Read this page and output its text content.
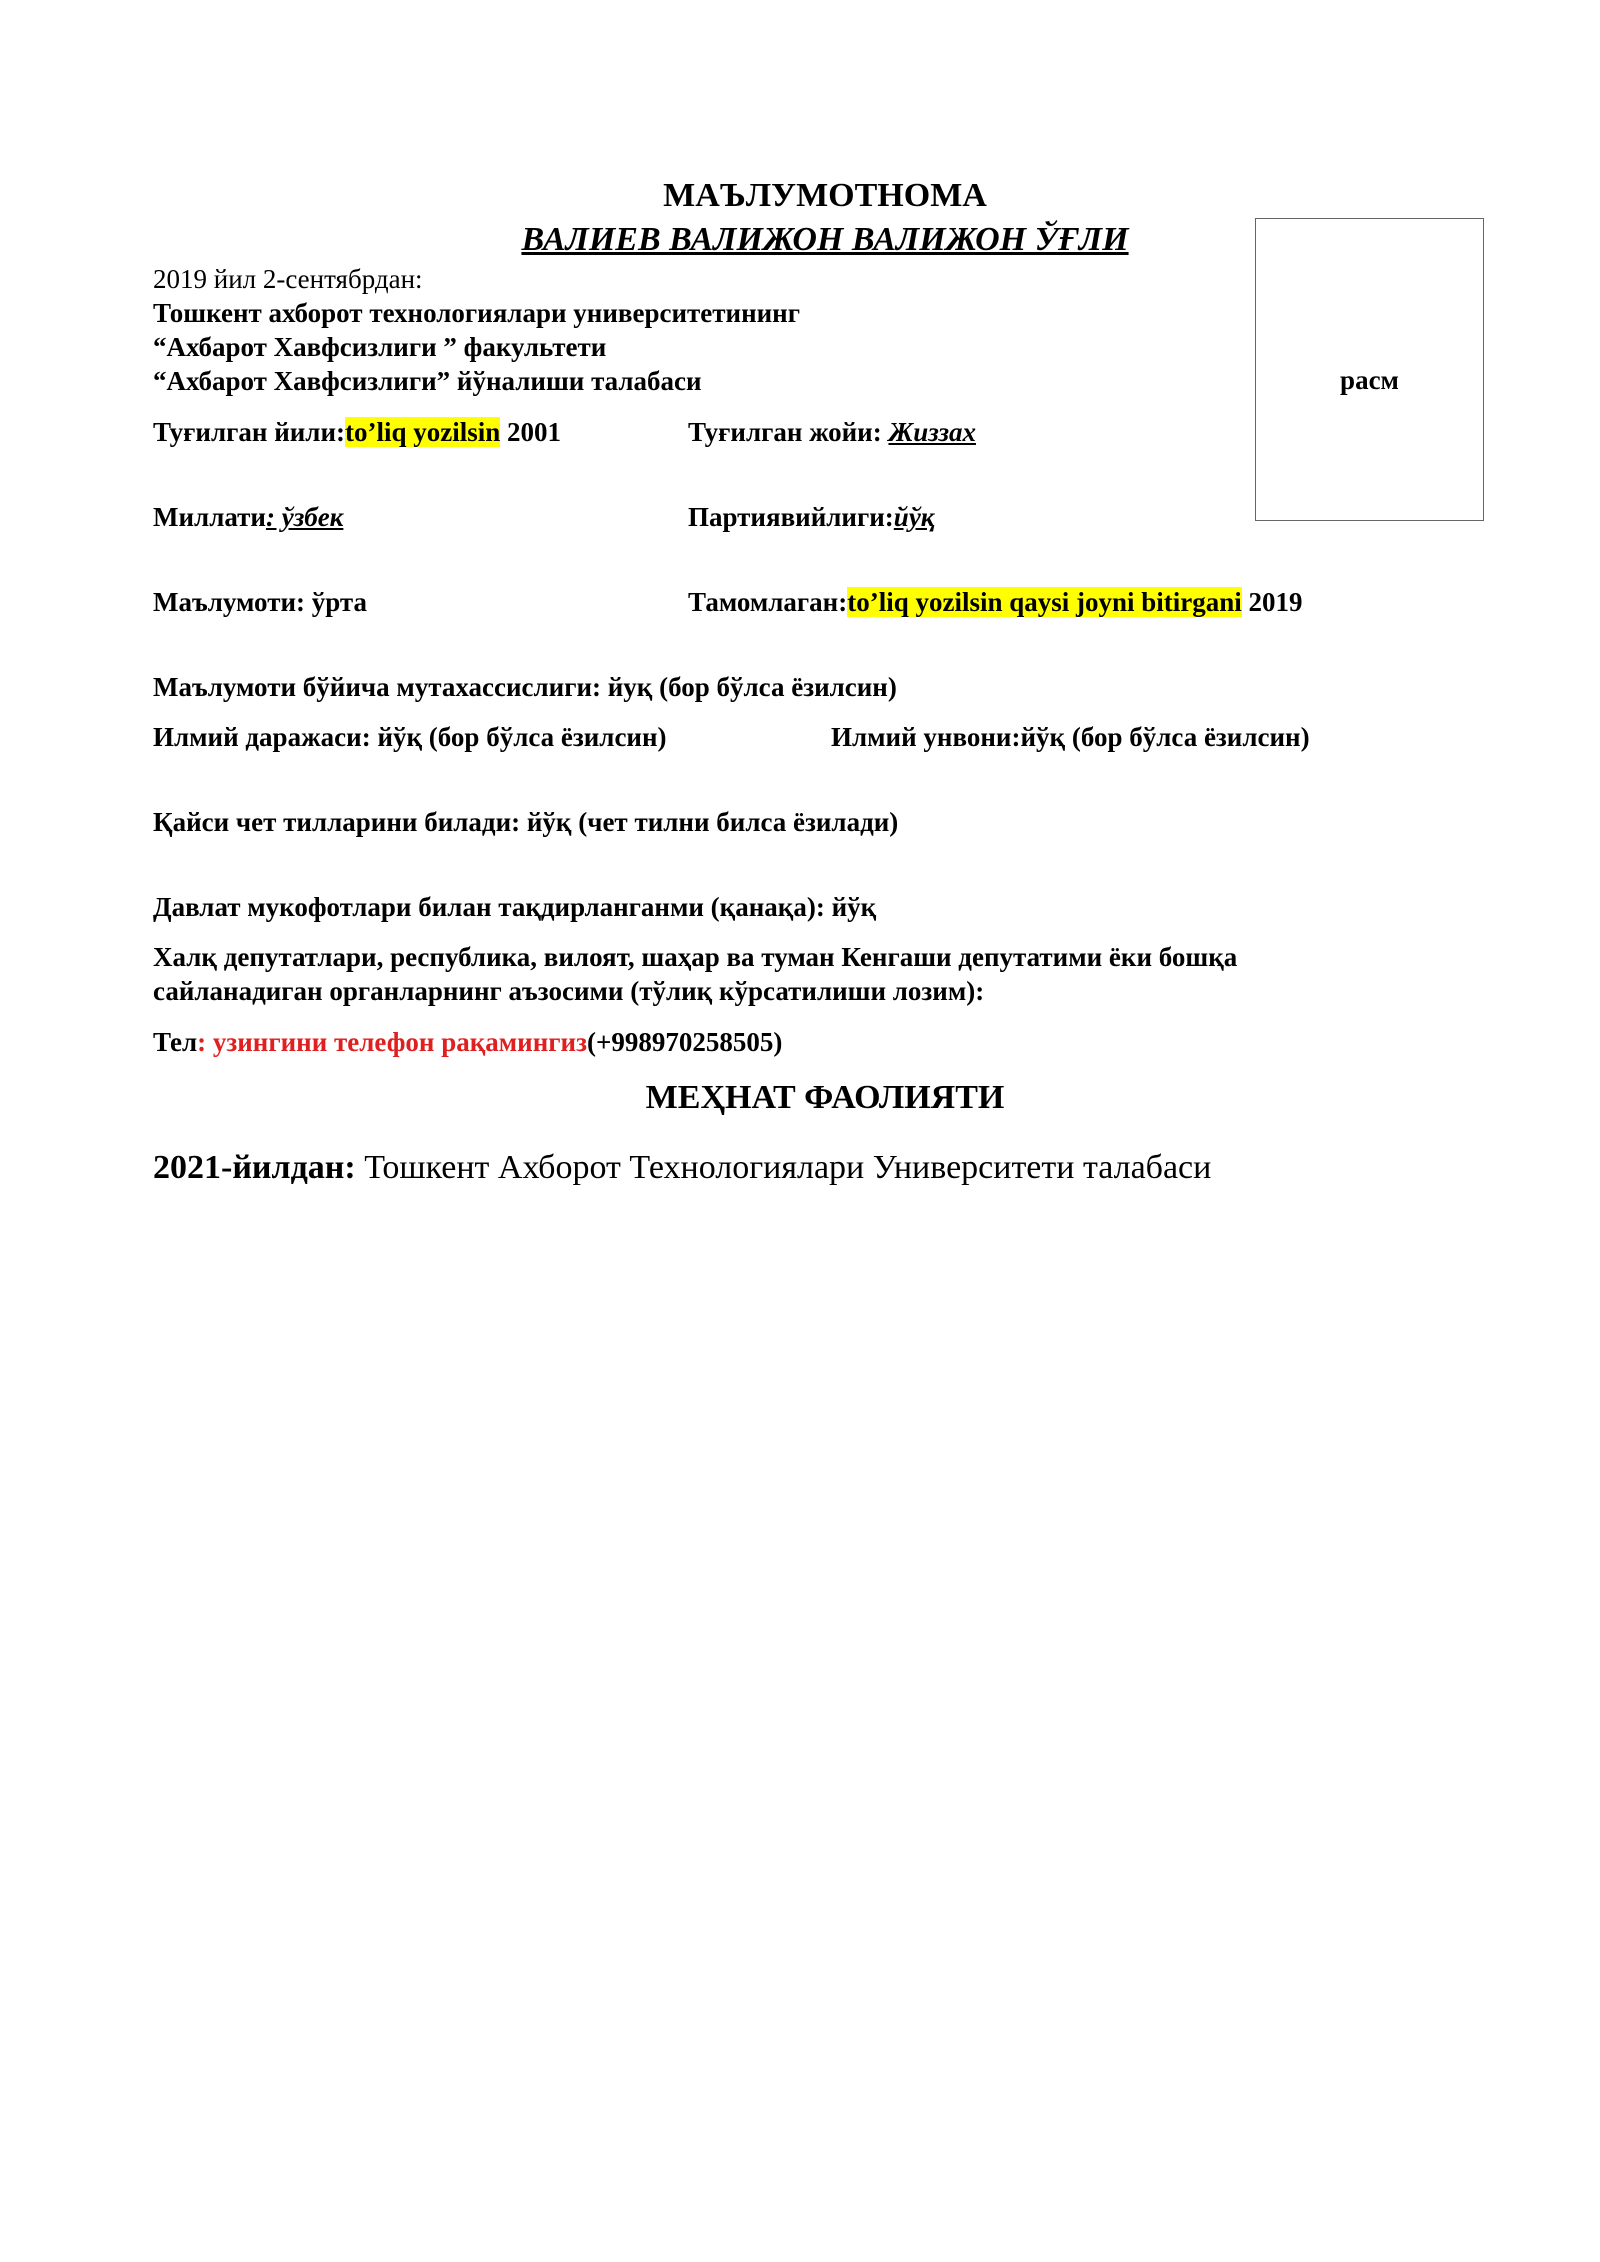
МАЪЛУМОТНОМА
ВАЛИЕВ ВАЛИЖОН ВАЛИЖОН ЎҒЛИ
2019 йил 2-сентябрдан:
Тошкент ахборот технологиялари университетининг
“Ахбарот Хавфсизлиги ” факультети
“Ахбарот Хавфсизлиги” йўналиши талабаси	расм
Туғилган йили:to’liq yozilsin 2001	Туғилган жойи: Жиззах
Миллати: ўзбек	Партиявийлиги:йўқ
Маълумоти: ўрта	Тамомлаган:to’liq yozilsin qaysi joyni bitirgani 2019
Маълумоти бўйича мутахассислиги: йуқ (бор бўлса ёзилсин)
Илмий даражаси: йўқ (бор бўлса ёзилсин)	Илмий унвони:йўқ (бор бўлса ёзилсин)
Қайси чет тилларини билади: йўқ (чет тилни билса ёзилади)
Давлат мукофотлари билан тақдирланганми (қанақа): йўқ
Халқ депутатлари, республика, вилоят, шаҳар ва туман Кенгаши депутатими ёки бошқа
сайланадиган органларнинг аъзосими (тўлиқ кўрсатилиши лозим):
Тел: узингини телефон рақамингиз(+998970258505)
МЕҲНАТ ФАОЛИЯТИ
2021-йилдан: Тошкент Ахборот Технологиялари Университети талабаси
